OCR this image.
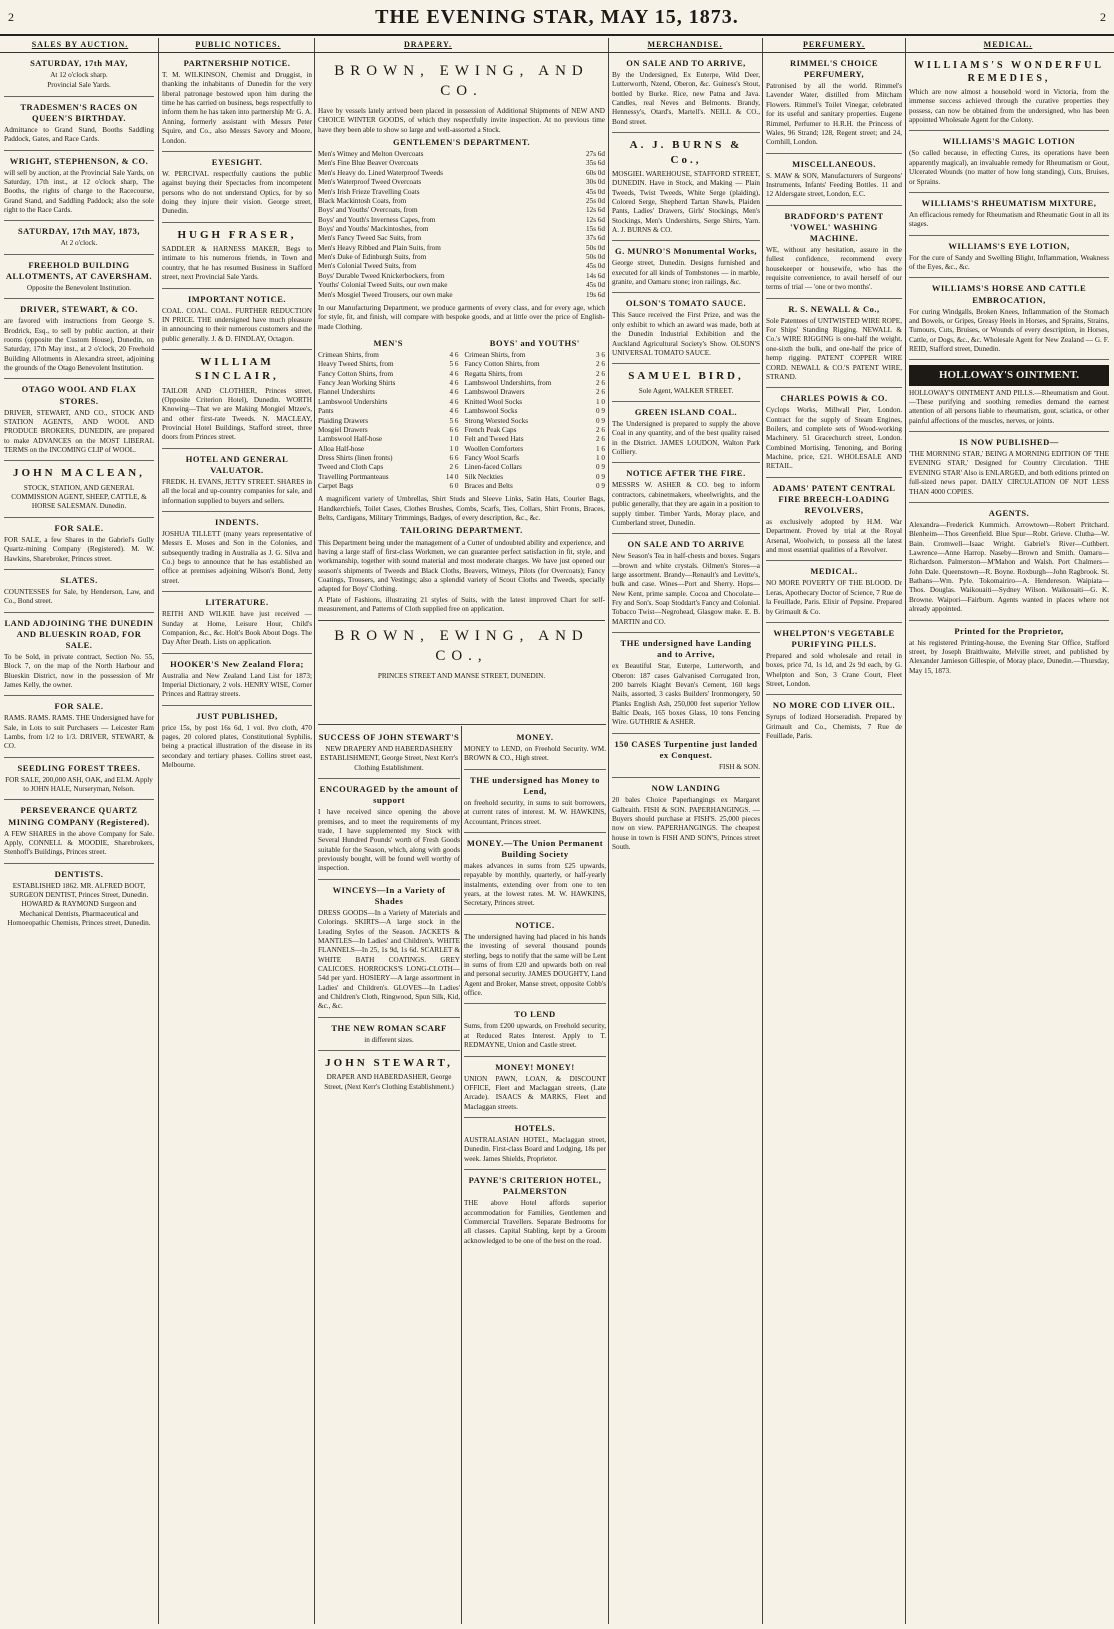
2	THE EVENING STAR, MAY 15, 1873.	2
SALES BY AUCTION.	PUBLIC NOTICES.	DRAPERY.	MERCHANDISE.	PERFUMERY.	MEDICAL.
SATURDAY, 17th MAY,
At 12 o'clock sharp.
Provincial Sale Yards.
TRADESMEN'S RACES ON QUEEN'S BIRTHDAY.

Admittance to Grand Stand, Booths Saddling Paddock, Gates, and Race Cards.

WRIGHT, STEPHENSON, & CO.

will sell by auction, at the Provincial Sale Yards, on Saturday, 17th inst., at 12 o'clock sharp, The Booths, the rights of charge to the Racecourse, Grand Stand, and Saddling Paddock; also the sole right to the Race Cards.

SATURDAY, 17th MAY, 1873,
At 2 o'clock.
FREEHOLD BUILDING ALLOTMENTS, AT CAVERSHAM.
Opposite the Benevolent Institution.
DRIVER, STEWART, & CO.

are favored with instructions from George S. Brodrick, Esq., to sell by public auction, at their rooms (opposite the Custom House), Dunedin, on Saturday, 17th May inst., at 2 o'clock, 20 Freehold Building Allotments in Alexandra street, adjoining the grounds of the Otago Benevolent Institution.

OTAGO WOOL AND FLAX STORES.

DRIVER, STEWART, AND CO., STOCK AND STATION AGENTS, AND WOOL AND PRODUCE BROKERS, DUNEDIN, are prepared to make ADVANCES on the MOST LIBERAL TERMS on the INCOMING CLIP of WOOL.

JOHN MACLEAN,
STOCK, STATION, AND GENERAL COMMISSION AGENT, SHEEP, CATTLE, & HORSE SALESMAN. Dunedin.
FOR SALE.

FOR SALE, a few Shares in the Gabriel's Gully Quartz-mining Company (Registered). M. W. Hawkins, Sharebroker, Princes street.

SLATES.

COUNTESSES for Sale, by Henderson, Law, and Co., Bond street.

LAND ADJOINING THE DUNEDIN AND BLUESKIN ROAD, FOR SALE.

To be Sold, in private contract, Section No. 55, Block 7, on the map of the North Harbour and Blueskin District, now in the possession of Mr James Kelly, the owner.

FOR SALE.

RAMS. RAMS. RAMS. THE Undersigned have for Sale, in Lots to suit Purchasers — Leicester Ram Lambs, from 1/2 to 1/3. DRIVER, STEWART, & CO.

SEEDLING FOREST TREES.
FOR SALE, 200,000 ASH, OAK, and ELM. Apply to JOHN HALE, Nurseryman, Nelson.
PERSEVERANCE QUARTZ MINING COMPANY (Registered).

A FEW SHARES in the above Company for Sale. Apply, CONNELL & MOODIE, Sharebrokers, Stenhoff's Buildings, Princes street.

DENTISTS.
ESTABLISHED 1862. MR. ALFRED BOOT, SURGEON DENTIST, Princes Street, Dunedin. HOWARD & RAYMOND Surgeon and Mechanical Dentists, Pharmaceutical and Homoeopathic Chemists, Princes street, Dunedin.
PARTNERSHIP NOTICE.

T. M. WILKINSON, Chemist and Druggist, in thanking the inhabitants of Dunedin for the very liberal patronage bestowed upon him during the time he has carried on business, begs respectfully to inform them he has taken into partnership Mr G. A. Anning, formerly assistant with Messrs Peter Squire, and Co., also Messrs Savory and Moore, London.

EYESIGHT.

W. PERCIVAL respectfully cautions the public against buying their Spectacles from incompetent persons who do not understand Optics, for by so doing they injure their vision. George street, Dunedin.

HUGH FRASER,

SADDLER & HARNESS MAKER, Begs to intimate to his numerous friends, in Town and country, that he has resumed Business in Stafford street, next Provincial Sale Yards.

IMPORTANT NOTICE.

COAL. COAL. COAL. FURTHER REDUCTION IN PRICE. THE undersigned have much pleasure in announcing to their numerous customers and the public generally. J. & D. FINDLAY, Octagon.

WILLIAM SINCLAIR,

TAILOR AND CLOTHIER, Princes street, (Opposite Criterion Hotel), Dunedin. WORTH Knowing—That we are Making Mongiel Mtzee's, and other first-rate Tweeds. N. MACLEAY, Provincial Hotel Buildings, Stafford street, three doors from Princes street.

HOTEL AND GENERAL VALUATOR.

FREDK. H. EVANS, JETTY STREET. SHARES in all the local and up-country companies for sale, and information supplied to buyers and sellers.

INDENTS.

JOSHUA TILLETT (many years representative of Messrs E. Moses and Son in the Colonies, and subsequently trading in Australia as J. G. Silva and Co.) begs to announce that he has established an office at premises adjoining Wilson's Bond, Jetty street.

LITERATURE.

REITH AND WILKIE have just received — Sunday at Home, Leisure Hour, Child's Companion, &c., &c. Holt's Book About Dogs. The Day After Death. Lists on application.

HOOKER'S New Zealand Flora;

Australia and New Zealand Land List for 1873; Imperial Dictionary, 2 vols. HENRY WISE, Corner Princes and Rattray streets.

JUST PUBLISHED,

price 15s, by post 16s 6d, 1 vol. 8vo cloth, 470 pages, 20 colored plates, Constitutional Syphilis, being a practical illustration of the disease in its secondary and tertiary phases. Collins street east, Melbourne.

BROWN, EWING, AND CO.

Have by vessels lately arrived been placed in possession of Additional Shipments of NEW AND CHOICE WINTER GOODS, of which they respectfully invite inspection. At no previous time have they been able to show so large and well-assorted a Stock.

GENTLEMEN'S DEPARTMENT.
Men's Witney and Melton Overcoats	27s 6d
Men's Fine Blue Beaver Overcoats	35s 6d
Men's Heavy do. Lined Waterproof Tweeds	60s 0d
Men's Waterproof Tweed Overcoats	30s 0d
Men's Irish Frieze Travelling Coats	45s 0d
Black Mackintosh Coats, from	25s 0d
Boys' and Youths' Overcoats, from	12s 6d
Boys' and Youth's Inverness Capes, from	12s 6d
Boys' and Youths' Mackintoshes, from	15s 6d
Men's Fancy Tweed Sac Suits, from	37s 6d
Men's Heavy Ribbed and Plain Suits, from	50s 0d
Men's Duke of Edinburgh Suits, from	50s 0d
Men's Colonial Tweed Suits, from	45s 0d
Boys' Durable Tweed Knickerbockers, from	14s 6d
Youths' Colonial Tweed Suits, our own make	45s 0d
Men's Mosgiel Tweed Trousers, our own make	19s 6d

In our Manufacturing Department, we produce garments of every class, and for every age, which for style, fit, and finish, will compare with bespoke goods, and at little over the price of English-made Clothing.

MEN'S
Crimean Shirts, from	4 6
Heavy Tweed Shirts, from	5 6
Fancy Cotton Shirts, from	4 6
Fancy Jean Working Shirts	4 6
Flannel Undershirts	4 6
Lambswool Undershirts	4 6
Pants	4 6
Plaiding Drawers	5 6
Mosgiel Drawers	6 6
Lambswool Half-hose	1 0
Alloa Half-hose	1 0
Dress Shirts (linen fronts)	6 6
Tweed and Cloth Caps	2 6
Travelling Portmanteaus	14 0
Carpet Bags	6 0
BOYS' and YOUTHS'
Crimean Shirts, from	3 6
Fancy Cotton Shirts, from	2 6
Regatta Shirts, from	2 6
Lambswool Undershirts, from	2 6
Lambswool Drawers	2 6
Knitted Wool Socks	1 0
Lambswool Socks	0 9
Strong Worsted Socks	0 9
French Peak Caps	2 6
Felt and Tweed Hats	2 6
Woollen Comforters	1 6
Fancy Wool Scarfs	1 0
Linen-faced Collars	0 9
Silk Neckties	0 9
Braces and Belts	0 9

A magnificent variety of Umbrellas, Shirt Studs and Sleeve Links, Satin Hats, Courier Bags, Handkerchiefs, Toilet Cases, Clothes Brushes, Combs, Scarfs, Ties, Collars, Shirt Fronts, Braces, Belts, Cardigans, Military Trimmings, Badges, of every description, &c., &c.

TAILORING DEPARTMENT.

This Department being under the management of a Cutter of undoubted ability and experience, and having a large staff of first-class Workmen, we can guarantee perfect satisfaction in fit, style, and workmanship, together with sound material and most moderate charges. We have just opened our season's shipments of Tweeds and Black Cloths, Beavers, Witneys, Pilots (for Overcoats); Fancy Coatings, Trousers, and Vestings; also a splendid variety of Scout Cloths and Tweeds, specially adapted for Boys' Clothing.

A Plate of Fashions, illustrating 21 styles of Suits, with the latest improved Chart for self-measurement, and Patterns of Cloth supplied free on application.

BROWN, EWING, AND CO.,
PRINCES STREET AND MANSE STREET, DUNEDIN.
SUCCESS OF JOHN STEWART'S
NEW DRAPERY AND HABERDASHERY ESTABLISHMENT, George Street, Next Kerr's Clothing Establishment.
ENCOURAGED by the amount of support

I have received since opening the above premises, and to meet the requirements of my trade, I have supplemented my Stock with Several Hundred Pounds' worth of Fresh Goods suitable for the Season, which, along with goods previously bought, will be found well worthy of inspection.

WINCEYS—In a Variety of Shades

DRESS GOODS—In a Variety of Materials and Colorings. SKIRTS—A large stock in the Leading Styles of the Season. JACKETS & MANTLES—In Ladies' and Children's. WHITE FLANNELS—In 25, 1s 9d, 1s 6d. SCARLET & WHITE BATH COATINGS. GREY CALICOES. HORROCKS'S LONG-CLOTH—54d per yard. HOSIERY—A large assortment in Ladies' and Children's. GLOVES—In Ladies' and Children's Cloth, Ringwood, Spun Silk, Kid, &c., &c.

THE NEW ROMAN SCARF
in different sizes.
JOHN STEWART,
DRAPER AND HABERDASHER, George Street, (Next Kerr's Clothing Establishment.)
MONEY.

MONEY to LEND, on Freehold Security. WM. BROWN & CO., High street.

THE undersigned has Money to Lend,

on freehold security, in sums to suit borrowers, at current rates of interest. M. W. HAWKINS, Accountant, Princes street.

MONEY.—The Union Permanent Building Society

makes advances in sums from £25 upwards, repayable by monthly, quarterly, or half-yearly instalments, extending over from one to ten years, at the lowest rates. M. W. HAWKINS, Secretary, Princes street.

NOTICE.

The undersigned having had placed in his hands the investing of several thousand pounds sterling, begs to notify that the same will be Lent in sums of from £20 and upwards both on real and personal security. JAMES DOUGHTY, Land Agent and Broker, Manse street, opposite Cobb's office.

TO LEND

Sums, from £200 upwards, on Freehold security, at Reduced Rates Interest. Apply to T. REDMAYNE, Union and Castle street.

MONEY! MONEY!

UNION PAWN, LOAN, & DISCOUNT OFFICE, Fleet and Maclaggan streets, (Late Arcade). ISAACS & MARKS, Fleet and Maclaggan streets.

HOTELS.

AUSTRALASIAN HOTEL, Maclaggan street, Dunedin. First-class Board and Lodging, 18s per week. James Shields, Proprietor.

PAYNE'S CRITERION HOTEL, PALMERSTON

THE above Hotel affords superior accommodation for Families, Gentlemen and Commercial Travellers. Separate Bedrooms for all classes. Capital Stabling, kept by a Groom acknowledged to be one of the best on the road.

ON SALE AND TO ARRIVE,

By the Undersigned, Ex Euterpe, Wild Deer, Lutterworth, Nzend, Oberon, &c. Guiness's Stout, bottled by Burke. Rice, new Patna and Java. Candles, real Neves and Belmonts. Brandy, Hennessy's, Otard's, Martell's. NEILL & CO., Bond street.

A. J. BURNS & Co.,

MOSGIEL WAREHOUSE, STAFFORD STREET, DUNEDIN. Have in Stock, and Making — Plain Tweeds, Twist Tweeds, White Serge (plaiding), Colored Serge, Shepherd Tartan Shawls, Plaiden Pants, Ladies' Drawers, Girls' Stockings, Men's Stockings, Men's Undershirts, Serge Shirts, Yarn. A. J. BURNS & CO.

G. MUNRO'S Monumental Works,

George street, Dunedin. Designs furnished and executed for all kinds of Tombstones — in marble, granite, and Oamaru stone; iron railings, &c.

OLSON'S TOMATO SAUCE.

This Sauce received the First Prize, and was the only exhibit to which an award was made, both at the Dunedin Industrial Exhibition and the Auckland Agricultural Society's Show. OLSON'S UNIVERSAL TOMATO SAUCE.

SAMUEL BIRD,
Sole Agent, WALKER STREET.
GREEN ISLAND COAL.

The Undersigned is prepared to supply the above Coal in any quantity, and of the best quality raised in the District. JAMES LOUDON, Walton Park Colliery.

NOTICE AFTER THE FIRE.

MESSRS W. ASHER & CO. beg to inform contractors, cabinetmakers, wheelwrights, and the public generally, that they are again in a position to supply timber. Timber Yards, Moray place, and Cumberland street, Dunedin.

ON SALE AND TO ARRIVE

New Season's Tea in half-chests and boxes. Sugars—brown and white crystals. Oilmen's Stores—a large assortment. Brandy—Renault's and Levitte's, bulk and case. Wines—Port and Sherry. Hops—New Kent, prime sample. Cocoa and Chocolate—Fry and Son's. Soap Stoddart's Fancy and Colonial. Tobacco Twist—Negrohead, Glasgow make. E. B. MARTIN and CO.

THE undersigned have Landing and to Arrive,

ex Beautiful Star, Euterpe, Lutterworth, and Oberon: 187 cases Galvanised Corrugated Iron, 200 barrels Kiaght Bevan's Cement, 160 kegs Nails, assorted, 3 casks Builders' Ironmongery, 50 Planks English Ash, 250,000 feet superior Yellow Baltic Deals, 165 boxes Glass, 10 tons Fencing Wire. GUTHRIE & ASHER.

150 CASES Turpentine just landed ex Conquest.
FISH & SON.
NOW LANDING

20 bales Choice Paperhangings ex Margaret Galbraith. FISH & SON. PAPERHANGINGS. — Buyers should purchase at FISH'S. 25,000 pieces now on view. PAPERHANGINGS. The cheapest house in town is FISH AND SON'S, Princes street South.

RIMMEL'S CHOICE PERFUMERY,

Patronised by all the world. Rimmel's Lavender Water, distilled from Mitcham Flowers. Rimmel's Toilet Vinegar, celebrated for its useful and sanitary properties. Eugene Rimmel, Perfumer to H.R.H. the Princess of Wales, 96 Strand; 128, Regent street; and 24, Cornhill, London.

MISCELLANEOUS.

S. MAW & SON, Manufacturers of Surgeons' Instruments, Infants' Feeding Bottles. 11 and 12 Aldersgate street, London, E.C.

BRADFORD'S PATENT 'VOWEL' WASHING MACHINE.

WE, without any hesitation, assure in the fullest confidence, recommend every housekeeper or housewife, who has the requisite convenience, to avail herself of our terms of trial — 'one or two months'.

R. S. NEWALL & Co.,

Sole Patentees of UNTWISTED WIRE ROPE, For Ships' Standing Rigging. NEWALL & Co.'s WIRE RIGGING is one-half the weight, one-sixth the bulk, and one-half the price of hemp rigging. PATENT COPPER WIRE CORD. NEWALL & CO.'S PATENT WIRE, STRAND.

CHARLES POWIS & CO.

Cyclops Works, Millwall Pier, London. Contract for the supply of Steam Engines, Boilers, and complete sets of Wood-working Machinery. 51 Gracechurch street, London. Combined Mortising, Tenoning, and Boring Machine, price, £21. WHOLESALE AND RETAIL.

ADAMS' PATENT CENTRAL FIRE BREECH-LOADING REVOLVERS,

as exclusively adopted by H.M. War Department. Proved by trial at the Royal Arsenal, Woolwich, to possess all the latest and most essential qualities of a Revolver.

MEDICAL.

NO MORE POVERTY OF THE BLOOD. Dr Leras, Apothecary Doctor of Science, 7 Rue de la Feuillade, Paris. Elixir of Pepsine. Prepared by Grimault & Co.

WHELPTON'S VEGETABLE PURIFYING PILLS.

Prepared and sold wholesale and retail in boxes, price 7d, 1s 1d, and 2s 9d each, by G. Whelpton and Son, 3 Crane Court, Fleet Street, London.

NO MORE COD LIVER OIL.

Syrups of Iodized Horseradish. Prepared by Grimault and Co., Chemists, 7 Rue de Feuillade, Paris.

WILLIAMS'S WONDERFUL REMEDIES,

Which are now almost a household word in Victoria, from the immense success achieved through the curative properties they possess, can now be obtained from the undersigned, who has been appointed Wholesale Agent for the Colony.

WILLIAMS'S MAGIC LOTION

(So called because, in effecting Cures, its operations have been apparently magical), an invaluable remedy for Rheumatism or Gout, Ulcerated Wounds (no matter of how long standing), Cuts, Bruises, or Sprains.

WILLIAMS'S RHEUMATISM MIXTURE,

An efficacious remedy for Rheumatism and Rheumatic Gout in all its stages.

WILLIAMS'S EYE LOTION,

For the cure of Sandy and Swelling Blight, Inflammation, Weakness of the Eyes, &c., &c.

WILLIAMS'S HORSE AND CATTLE EMBROCATION,

For curing Windgalls, Broken Knees, Inflammation of the Stomach and Bowels, or Gripes, Greasy Heels in Horses, and Sprains, Strains, Tumours, Cuts, Bruises, or Wounds of every description, in Horses, Cattle, or Dogs, &c., &c. Wholesale Agent for New Zealand — G. F. REID, Stafford street, Dunedin.

HOLLOWAY'S OINTMENT.

HOLLOWAY'S OINTMENT AND PILLS.—Rheumatism and Gout.—These purifying and soothing remedies demand the earnest attention of all persons liable to rheumatism, gout, sciatica, or other painful affections of the muscles, nerves, or joints.

IS NOW PUBLISHED—

'THE MORNING STAR,' BEING A MORNING EDITION OF 'THE EVENING STAR,' Designed for Country Circulation. 'THE EVENING STAR' Also is ENLARGED, and both editions printed on full-sized news paper. DAILY CIRCULATION OF NOT LESS THAN 4000 COPIES.

AGENTS.

Alexandra—Frederick Kummich. Arrowtown—Robert Pritchard. Blenheim—Thos Greenfield. Blue Spur—Robt. Grieve. Clutha—W. Bain. Cromwell—Isaac Wright. Gabriel's River—Cuthbert. Lawrence—Anne Harrop. Naseby—Brown and Smith. Oamaru—Richardson. Palmerston—M'Mahon and Walsh. Port Chalmers—John Dale. Queenstown—R. Boyne. Roxburgh—John Ragbrook. St. Bathans—Wm. Pyle. Tokomairiro—A. Hendereson. Waipiata—Thos. Douglas. Waikouaiti—Sydney Wilson. Waikouaiti—G. K. Browne. Waipori—Fairburn. Agents wanted in places where not already appointed.

Printed for the Proprietor,

at his registered Printing-house, the Evening Star Office, Stafford street, by Joseph Braithwaite, Melville street, and published by Alexander Jamieson Gillespie, of Moray place, Dunedin.—Thursday, May 15, 1873.
